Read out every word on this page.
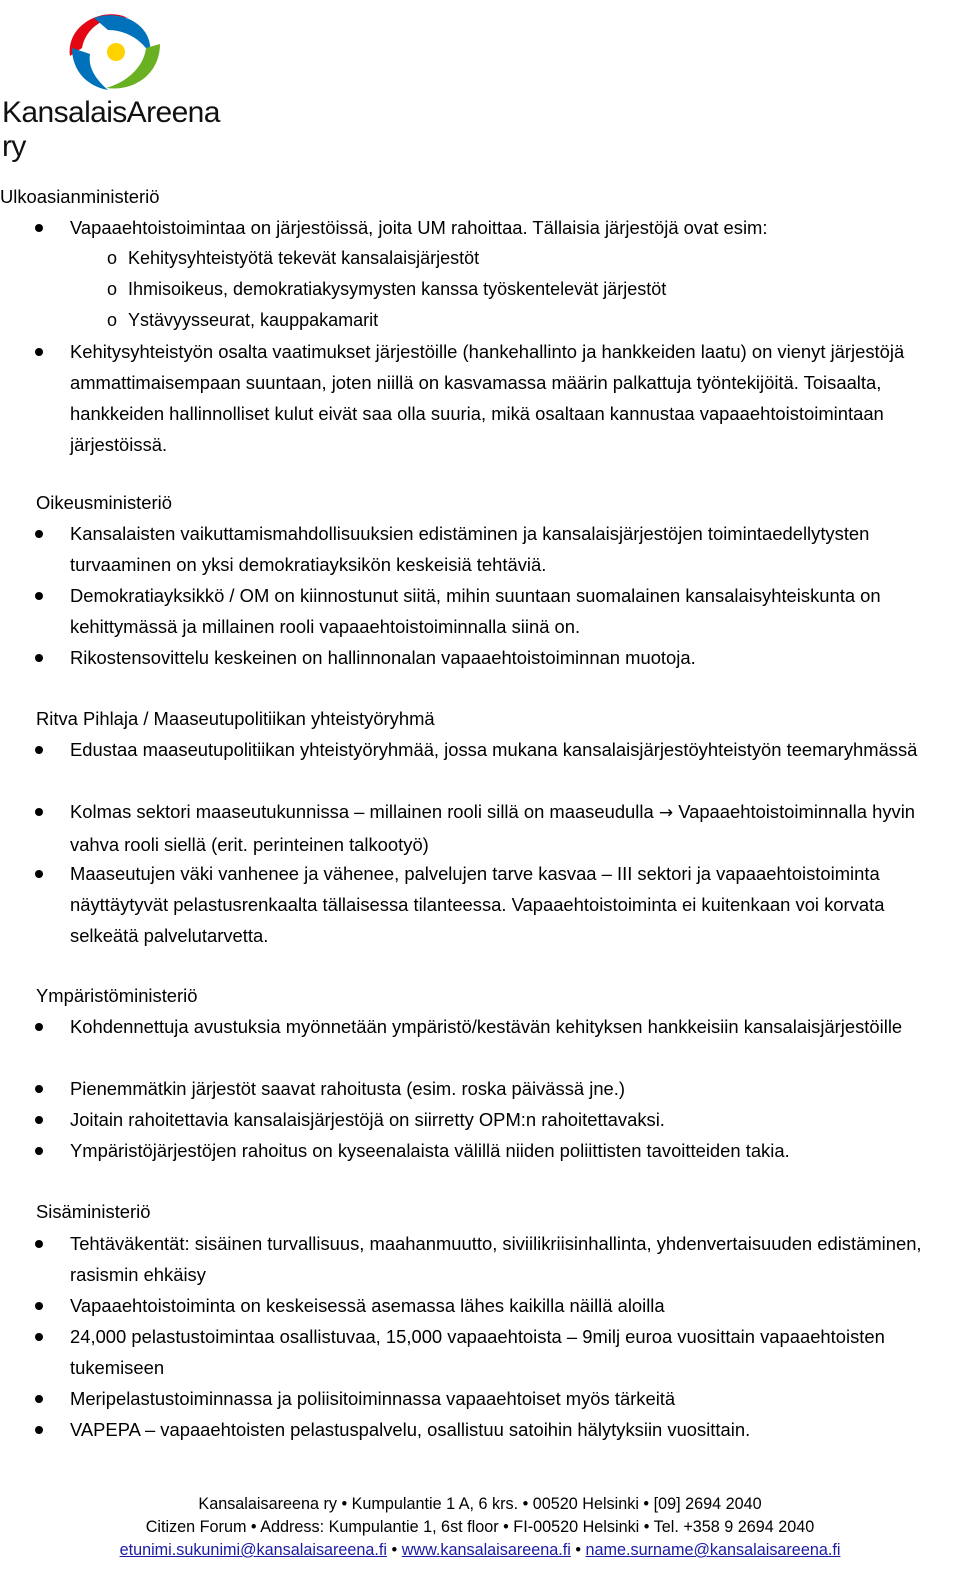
KansalaisAreena ry
Ulkoasianministeriö
Vapaaehtoistoimintaa on järjestöissä, joita UM rahoittaa. Tällaisia järjestöjä ovat esim:
o Kehitysyhteistyötä tekevät kansalaisjärjestöt
o Ihmisoikeus, demokratiakysymysten kanssa työskentelevät järjestöt
o Ystävyysseurat, kauppakamarit
Kehitysyhteistyön osalta vaatimukset järjestöille (hankehallinto ja hankkeiden laatu) on vienyt järjestöjä ammattimaisempaan suuntaan, joten niillä on kasvamassa määrin palkattuja työntekijöitä. Toisaalta, hankkeiden hallinnolliset kulut eivät saa olla suuria, mikä osaltaan kannustaa vapaaehtoistoimintaan järjestöissä.
Oikeusministeriö
Kansalaisten vaikuttamismahdollisuuksien edistäminen ja kansalaisjärjestöjen toimintaedellytysten turvaaminen on yksi demokratiayksikön keskeisiä tehtäviä.
Demokratiayksikkö / OM on kiinnostunut siitä, mihin suuntaan suomalainen kansalaisyhteiskunta on kehittymässä ja millainen rooli vapaaehtoistoiminnalla siinä on.
Rikostensovittelu keskeinen on hallinnonalan vapaaehtoistoiminnan muotoja.
Ritva Pihlaja / Maaseutupolitiikan yhteistyöryhmä
Edustaa maaseutupolitiikan yhteistyöryhmää, jossa mukana kansalaisjärjestöyhteistyön teemaryhmässä
Kolmas sektori maaseutukunnissa – millainen rooli sillä on maaseudulla → Vapaaehtoistoiminnalla hyvin vahva rooli siellä (erit. perinteinen talkootyö)
Maaseutujen väki vanhenee ja vähenee, palvelujen tarve kasvaa – III sektori ja vapaaehtoistoiminta näyttäytyvät pelastusrenkaalta tällaisessa tilanteessa. Vapaaehtoistoiminta ei kuitenkaan voi korvata selkeätä palvelutarvetta.
Ympäristöministeriö
Kohdennettuja avustuksia myönnetään ympäristö/kestävän kehityksen hankkeisiin kansalaisjärjestöille
Pienemmätkin järjestöt saavat rahoitusta (esim. roska päivässä jne.)
Joitain rahoitettavia kansalaisjärjestöjä on siirretty OPM:n rahoitettavaksi.
Ympäristöjärjestöjen rahoitus on kyseenalaista välillä niiden poliittisten tavoitteiden takia.
Sisäministeriö
Tehtäväkentät: sisäinen turvallisuus, maahanmuutto, siviilikriisinhallinta, yhdenvertaisuuden edistäminen, rasismin ehkäisy
Vapaaehtoistoiminta on keskeisessä asemassa lähes kaikilla näillä aloilla
24,000 pelastustoimintaa osallistuvaa, 15,000 vapaaehtoista – 9milj euroa vuosittain vapaaehtoisten tukemiseen
Meripelastustoiminnassa ja poliisitoiminnassa vapaaehtoiset myös tärkeitä
VAPEPA – vapaaehtoisten pelastuspalvelu, osallistuu satoihin hälytyksiin vuosittain.
Kansalaisareena ry • Kumpulantie 1 A, 6 krs. • 00520 Helsinki • [09] 2694 2040
Citizen Forum • Address: Kumpulantie 1, 6st floor • FI-00520 Helsinki • Tel. +358 9 2694 2040
etunimi.sukunimi@kansalaisareena.fi • www.kansalaisareena.fi • name.surname@kansalaisareena.fi
